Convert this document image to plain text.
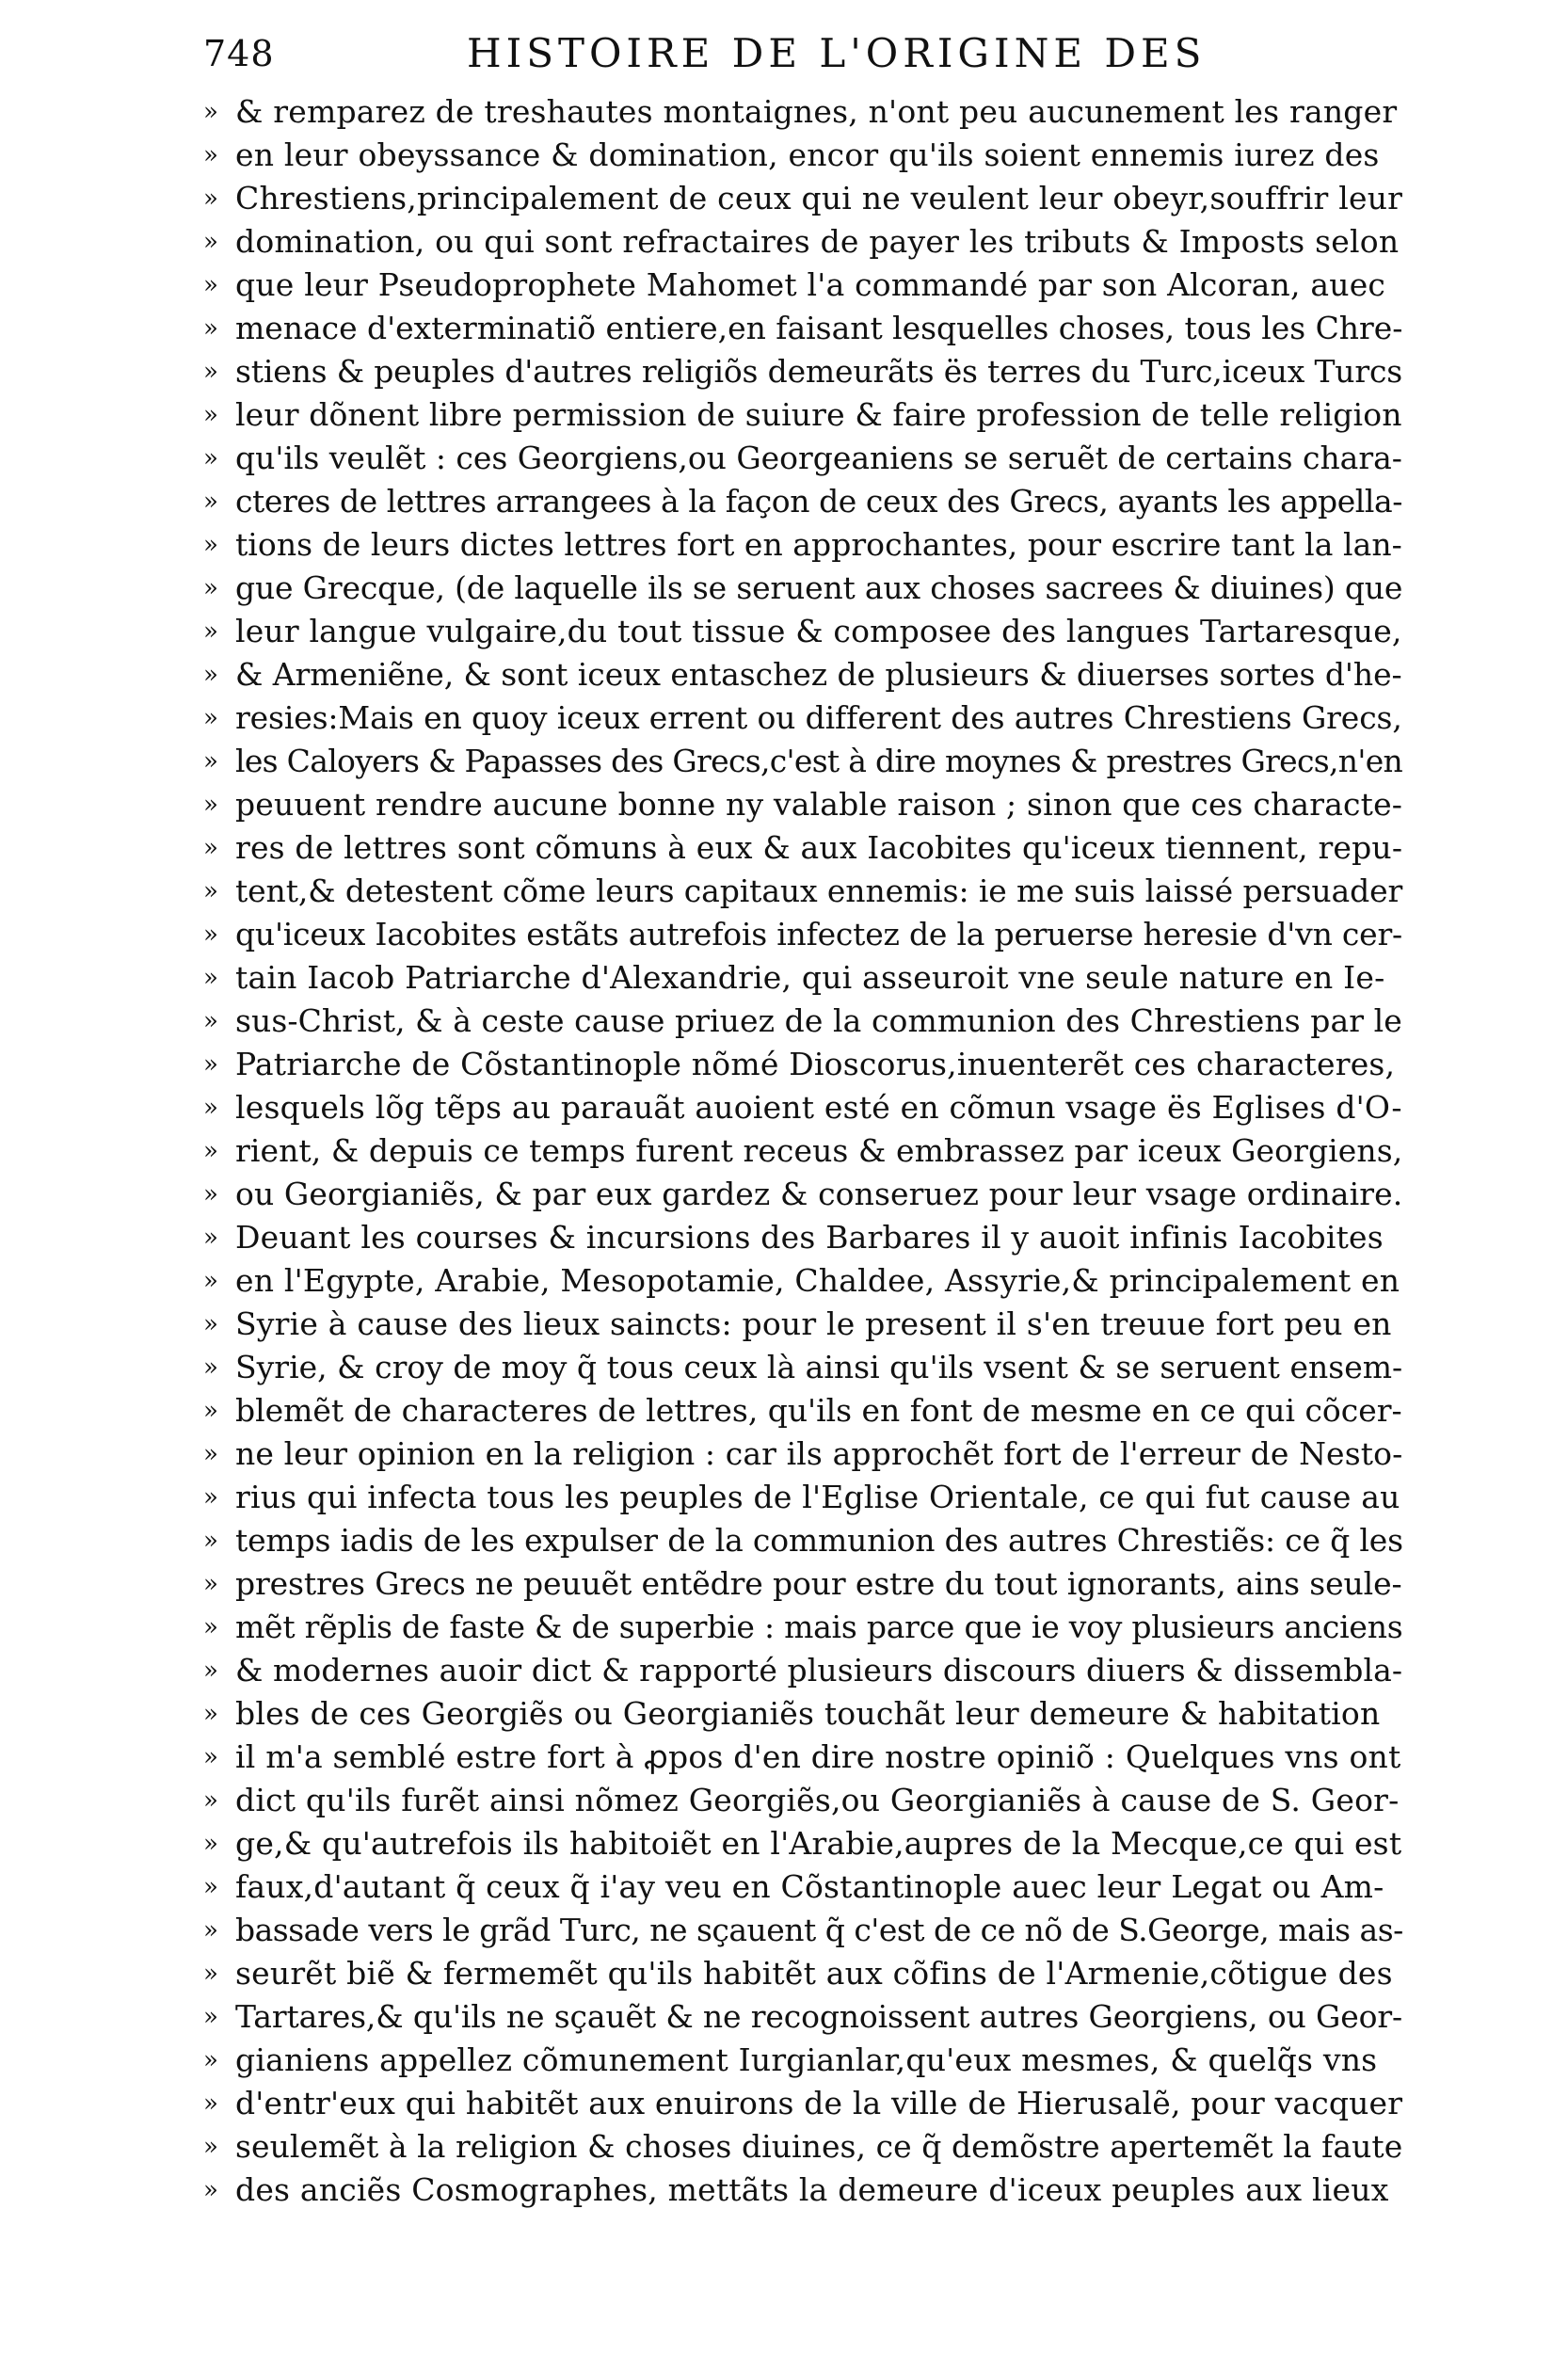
748	HISTOIRE DE L'ORIGINE DES
» & remparez de treshautes montaignes, n'ont peu aucunement les ranger
» en leur obeyssance & domination, encor qu'ils soient ennemis iurez des
» Chrestiens,principalement de ceux qui ne veulent leur obeyr,souffrir leur
» domination, ou qui sont refractaires de payer les tributs & Imposts selon
» que leur Pseudoprophete Mahomet l'a commandé par son Alcoran, auec
» menace d'exterminatiõ entiere,en faisant lesquelles choses, tous les Chre-
» stiens & peuples d'autres religiõs demeurãts ës terres du Turc,iceux Turcs
» leur dõnent libre permission de suiure & faire profession de telle religion
» qu'ils veulẽt : ces Georgiens,ou Georgeaniens se seruẽt de certains chara-
» cteres de lettres arrangees à la façon de ceux des Grecs, ayants les appella-
» tions de leurs dictes lettres fort en approchantes, pour escrire tant la lan-
» gue Grecque, (de laquelle ils se seruent aux choses sacrees & diuines) que
» leur langue vulgaire,du tout tissue & composee des langues Tartaresque,
» & Armeniẽne, & sont iceux entaschez de plusieurs & diuerses sortes d'he-
» resies:Mais en quoy iceux errent ou different des autres Chrestiens Grecs,
» les Caloyers & Papasses des Grecs,c'est à dire moynes & prestres Grecs,n'en
» peuuent rendre aucune bonne ny valable raison ; sinon que ces characte-
» res de lettres sont cõmuns à eux & aux Iacobites qu'iceux tiennent, repu-
» tent,& detestent cõme leurs capitaux ennemis: ie me suis laissé persuader
» qu'iceux Iacobites estãts autrefois infectez de la peruerse heresie d'vn cer-
» tain Iacob Patriarche d'Alexandrie, qui asseuroit vne seule nature en Ie-
» sus-Christ, & à ceste cause priuez de la communion des Chrestiens par le
» Patriarche de Cõstantinople nõmé Dioscorus,inuenterẽt ces characteres,
» lesquels lõg tẽps au parauãt auoient esté en cõmun vsage ës Eglises d'O-
» rient, & depuis ce temps furent receus & embrassez par iceux Georgiens,
» ou Georgianiẽs, & par eux gardez & conseruez pour leur vsage ordinaire.
» Deuant les courses & incursions des Barbares il y auoit infinis Iacobites
» en l'Egypte, Arabie, Mesopotamie, Chaldee, Assyrie,& principalement en
» Syrie à cause des lieux saincts: pour le present il s'en treuue fort peu en
» Syrie, & croy de moy q̃ tous ceux là ainsi qu'ils vsent & se seruent ensem-
» blemẽt de characteres de lettres, qu'ils en font de mesme en ce qui cõcer-
» ne leur opinion en la religion : car ils approchẽt fort de l'erreur de Nesto-
» rius qui infecta tous les peuples de l'Eglise Orientale, ce qui fut cause au
» temps iadis de les expulser de la communion des autres Chrestiẽs: ce q̃ les
» prestres Grecs ne peuuẽt entẽdre pour estre du tout ignorants, ains seule-
» mẽt rẽplis de faste & de superbie : mais parce que ie voy plusieurs anciens
» & modernes auoir dict & rapporté plusieurs discours diuers & dissembla-
» bles de ces Georgiẽs ou Georgianiẽs touchãt leur demeure & habitation
» il m'a semblé estre fort à ꝓpos d'en dire nostre opiniõ : Quelques vns ont
» dict qu'ils furẽt ainsi nõmez Georgiẽs,ou Georgianiẽs à cause de S. Geor-
» ge,& qu'autrefois ils habitoiẽt en l'Arabie,aupres de la Mecque,ce qui est
» faux,d'autant q̃ ceux q̃ i'ay veu en Cõstantinople auec leur Legat ou Am-
» bassade vers le grãd Turc, ne sçauent q̃ c'est de ce nõ de S.George, mais as-
» seurẽt biẽ & fermemẽt qu'ils habitẽt aux cõfins de l'Armenie,cõtigue des
» Tartares,& qu'ils ne sçauẽt & ne recognoissent autres Georgiens, ou Geor-
» gianiens appellez cõmunement Iurgianlar,qu'eux mesmes, & quelq̃s vns
» d'entr'eux qui habitẽt aux enuirons de la ville de Hierusalẽ, pour vacquer
» seulemẽt à la religion & choses diuines, ce q̃ demõstre apertemẽt la faute
» des anciẽs Cosmographes, mettãts la demeure d'iceux peuples aux lieux
